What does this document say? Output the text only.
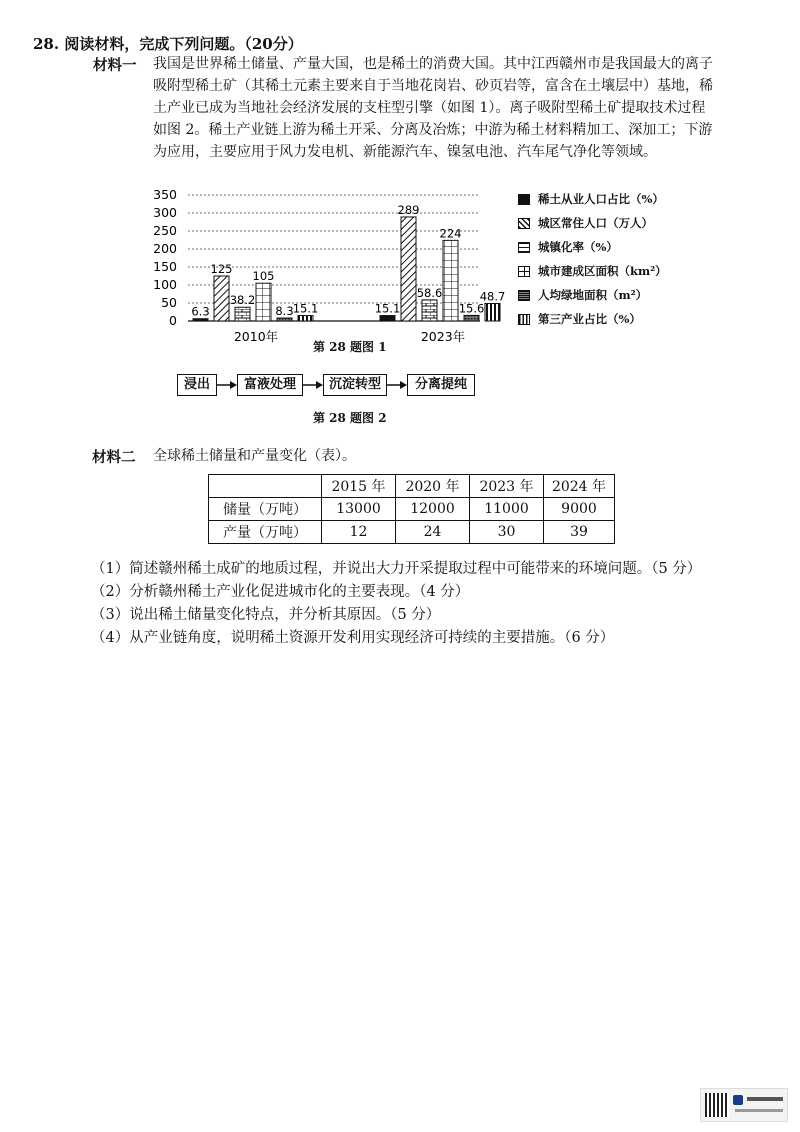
28. 阅读材料，完成下列问题。（20分）
材料一 我国是世界稀土储量、产量大国，也是稀土的消费大国。其中江西赣州市是我国最大的离子
吸附型稀土矿（其稀土元素主要来自于当地花岗岩、砂页岩等，富含在土壤层中）基地，稀
土产业已成为当地社会经济发展的支柱型引擎（如图 1）。离子吸附型稀土矿提取技术过程
如图 2。稀土产业链上游为稀土开采、分离及冶炼；中游为稀土材料精加工、深加工；下游
为应用，主要应用于风力发电机、新能源汽车、镍氢电池、汽车尾气净化等领域。
0
50
100
150
200
250
300
350
6.3
125
38.2
105
8.3 15.1	15.1
289
58.6
224
15.6
48.7
2010年	2023年
稀土从业人口占比（%）
城区常住人口（万人）
城镇化率（%）
城市建成区面积（km²）
人均绿地面积（m²）
第三产业占比（%）
第 28 题图 1
浸出	富液处理	沉淀转型	分离提纯
第 28 题图 2
材料二 全球稀土储量和产量变化（表）。
	2015 年	2020 年	2023 年	2024 年
储量（万吨）	13000	12000	11000	9000
产量（万吨）	12	24	30	39
（1）简述赣州稀土成矿的地质过程，并说出大力开采提取过程中可能带来的环境问题。（5 分）
（2）分析赣州稀土产业化促进城市化的主要表现。（4 分）
（3）说出稀土储量变化特点，并分析其原因。（5 分）
（4）从产业链角度，说明稀土资源开发利用实现经济可持续的主要措施。（6 分）
